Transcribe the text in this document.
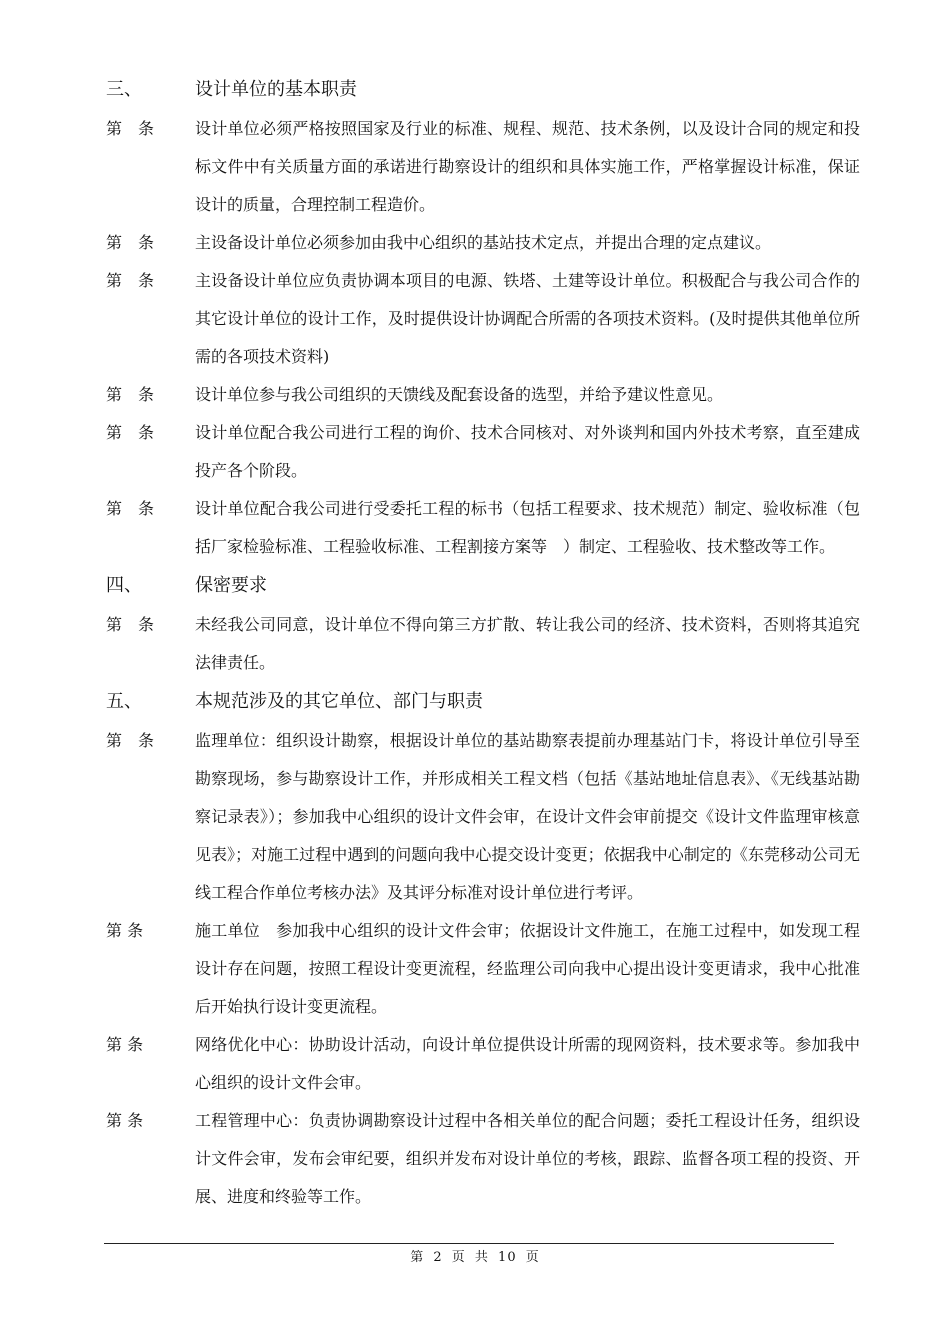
三、	设计单位的基本职责
第　条	设计单位必须严格按照国家及行业的标准、规程、规范、技术条例，以及设计合同的规定和投标文件中有关质量方面的承诺进行勘察设计的组织和具体实施工作，严格掌握设计标准，保证设计的质量，合理控制工程造价。
第　条	主设备设计单位必须参加由我中心组织的基站技术定点，并提出合理的定点建议。
第　条	主设备设计单位应负责协调本项目的电源、铁塔、土建等设计单位。积极配合与我公司合作的其它设计单位的设计工作，及时提供设计协调配合所需的各项技术资料。(及时提供其他单位所需的各项技术资料)
第　条	设计单位参与我公司组织的天馈线及配套设备的选型，并给予建议性意见。
第　条	设计单位配合我公司进行工程的询价、技术合同核对、对外谈判和国内外技术考察，直至建成投产各个阶段。
第　条	设计单位配合我公司进行受委托工程的标书（包括工程要求、技术规范）制定、验收标准（包括厂家检验标准、工程验收标准、工程割接方案等　）制定、工程验收、技术整改等工作。
四、	保密要求
第　条	未经我公司同意，设计单位不得向第三方扩散、转让我公司的经济、技术资料，否则将其追究法律责任。
五、	本规范涉及的其它单位、部门与职责
第　条	监理单位：组织设计勘察，根据设计单位的基站勘察表提前办理基站门卡，将设计单位引导至勘察现场，参与勘察设计工作，并形成相关工程文档（包括《基站地址信息表》、《无线基站勘察记录表》）；参加我中心组织的设计文件会审，在设计文件会审前提交《设计文件监理审核意见表》；对施工过程中遇到的问题向我中心提交设计变更；依据我中心制定的《东莞移动公司无线工程合作单位考核办法》及其评分标准对设计单位进行考评。
第 条	施工单位　参加我中心组织的设计文件会审；依据设计文件施工，在施工过程中，如发现工程设计存在问题，按照工程设计变更流程，经监理公司向我中心提出设计变更请求，我中心批准后开始执行设计变更流程。
第 条	网络优化中心：协助设计活动，向设计单位提供设计所需的现网资料，技术要求等。参加我中心组织的设计文件会审。
第 条	工程管理中心：负责协调勘察设计过程中各相关单位的配合问题；委托工程设计任务，组织设计文件会审，发布会审纪要，组织并发布对设计单位的考核，跟踪、监督各项工程的投资、开展、进度和终验等工作。
第 2 页 共 10 页
